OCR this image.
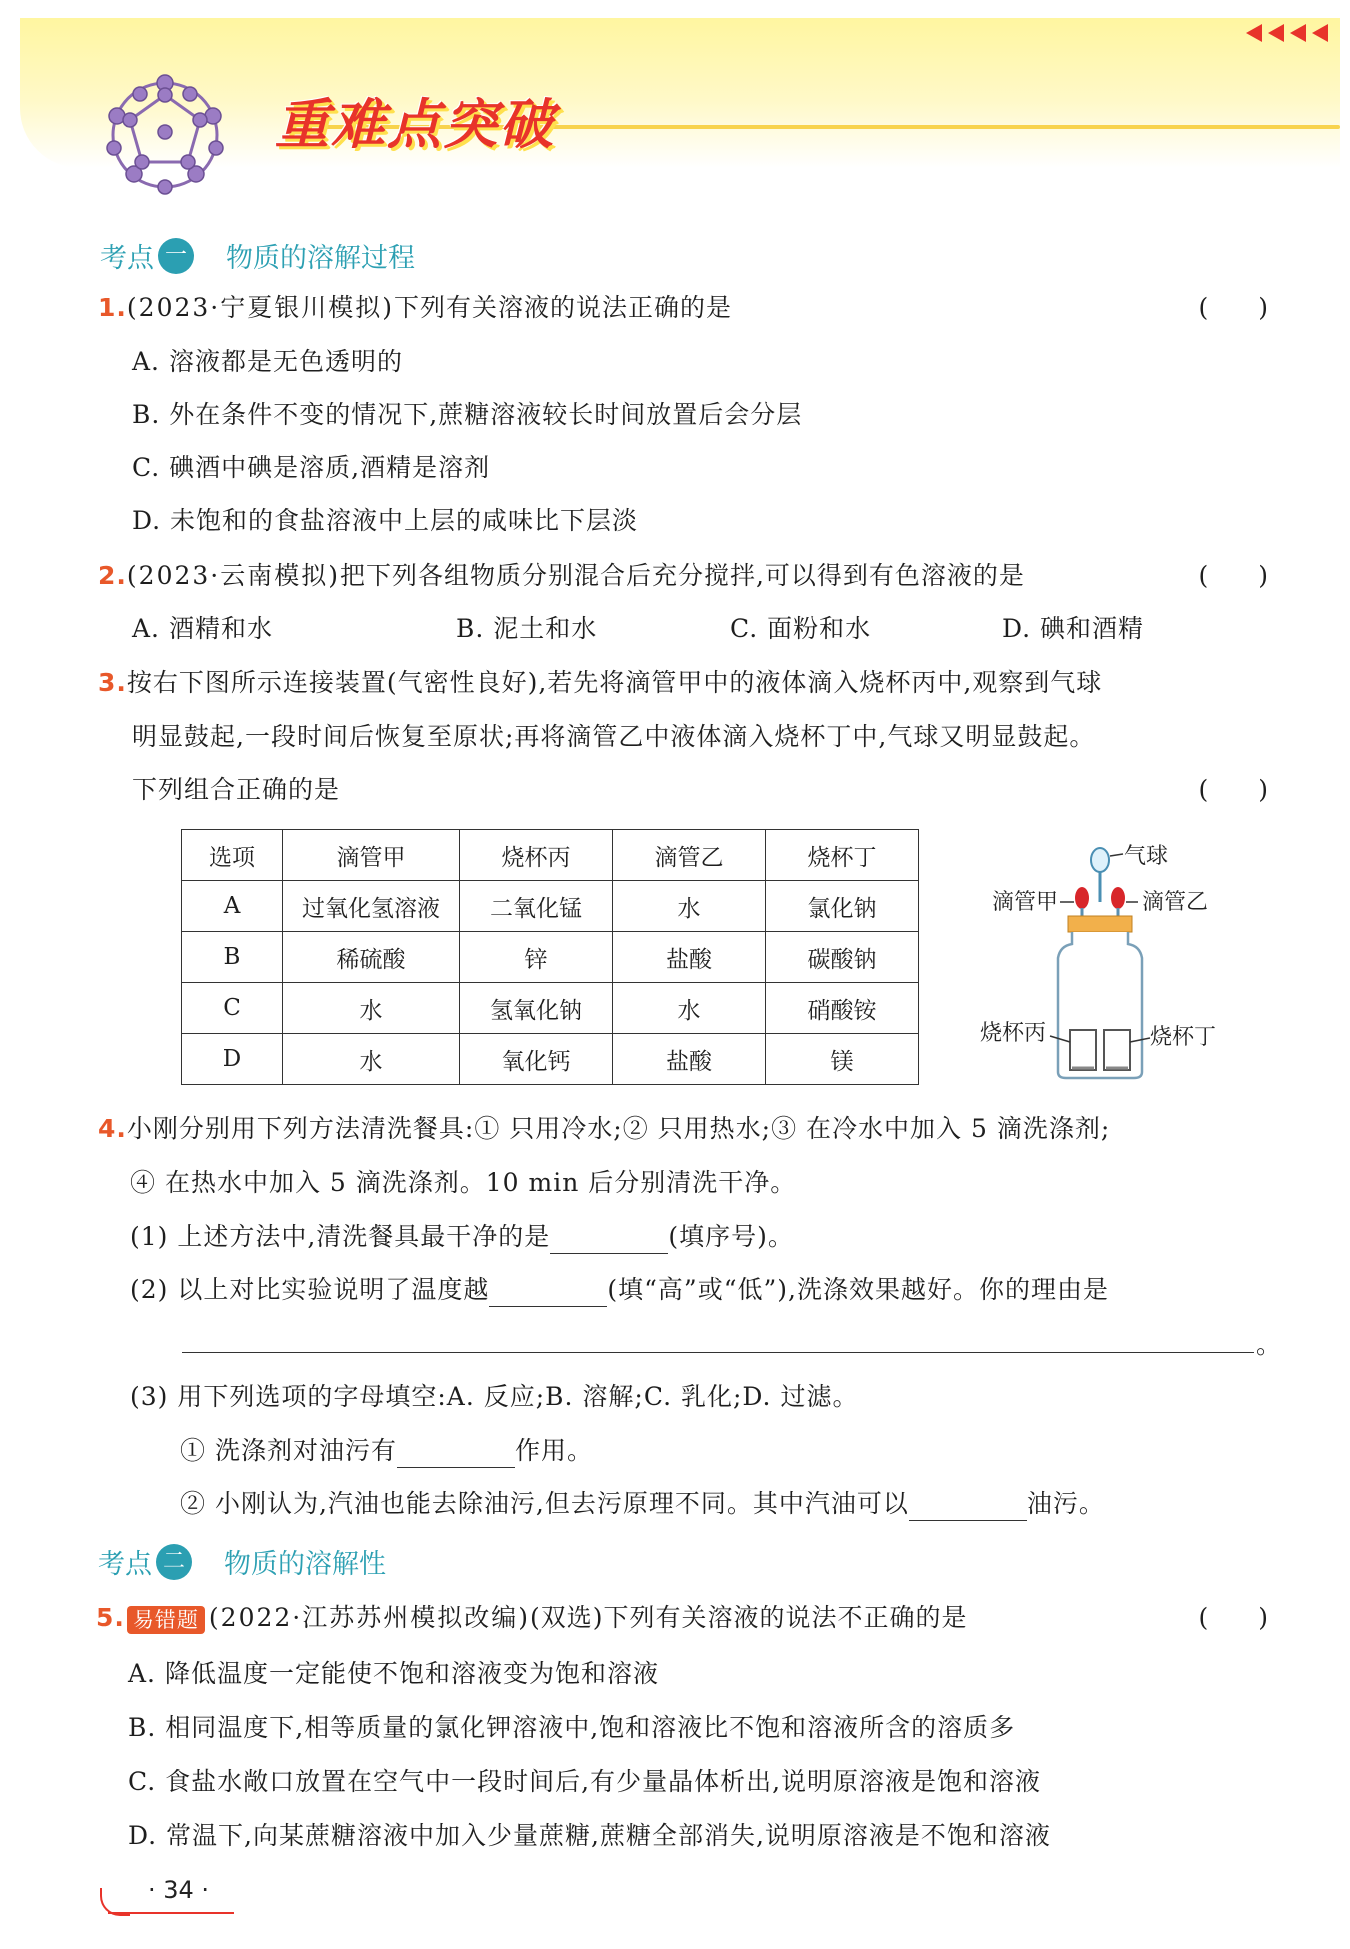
重难点突破
考点 一 物质的溶解过程
1.(2023·宁夏银川模拟)下列有关溶液的说法正确的是	(　　)
A. 溶液都是无色透明的
B. 外在条件不变的情况下,蔗糖溶液较长时间放置后会分层
C. 碘酒中碘是溶质,酒精是溶剂
D. 未饱和的食盐溶液中上层的咸味比下层淡
2.(2023·云南模拟)把下列各组物质分别混合后充分搅拌,可以得到有色溶液的是	(　　)
A. 酒精和水	B. 泥土和水	C. 面粉和水	D. 碘和酒精
3.按右下图所示连接装置(气密性良好),若先将滴管甲中的液体滴入烧杯丙中,观察到气球
明显鼓起,一段时间后恢复至原状;再将滴管乙中液体滴入烧杯丁中,气球又明显鼓起。
下列组合正确的是	(　　)
选项	滴管甲	烧杯丙	滴管乙	烧杯丁
A	过氧化氢溶液	二氧化锰	水	氯化钠
B	稀硫酸	锌	盐酸	碳酸钠
C	水	氢氧化钠	水	硝酸铵
D	水	氧化钙	盐酸	镁
气球
滴管甲	滴管乙
烧杯丙	烧杯丁
4.小刚分别用下列方法清洗餐具:① 只用冷水;② 只用热水;③ 在冷水中加入 5 滴洗涤剂;
④ 在热水中加入 5 滴洗涤剂。10 min 后分别清洗干净。
(1) 上述方法中,清洗餐具最干净的是	(填序号)。
(2) 以上对比实验说明了温度越	(填“高”或“低”),洗涤效果越好。你的理由是
。
(3) 用下列选项的字母填空:A. 反应;B. 溶解;C. 乳化;D. 过滤。
① 洗涤剂对油污有	作用。
② 小刚认为,汽油也能去除油污,但去污原理不同。其中汽油可以	油污。
考点 二 物质的溶解性
5. 易错题 (2022·江苏苏州模拟改编)(双选)下列有关溶液的说法不正确的是	(　　)
A. 降低温度一定能使不饱和溶液变为饱和溶液
B. 相同温度下,相等质量的氯化钾溶液中,饱和溶液比不饱和溶液所含的溶质多
C. 食盐水敞口放置在空气中一段时间后,有少量晶体析出,说明原溶液是饱和溶液
D. 常温下,向某蔗糖溶液中加入少量蔗糖,蔗糖全部消失,说明原溶液是不饱和溶液
· 34 ·
